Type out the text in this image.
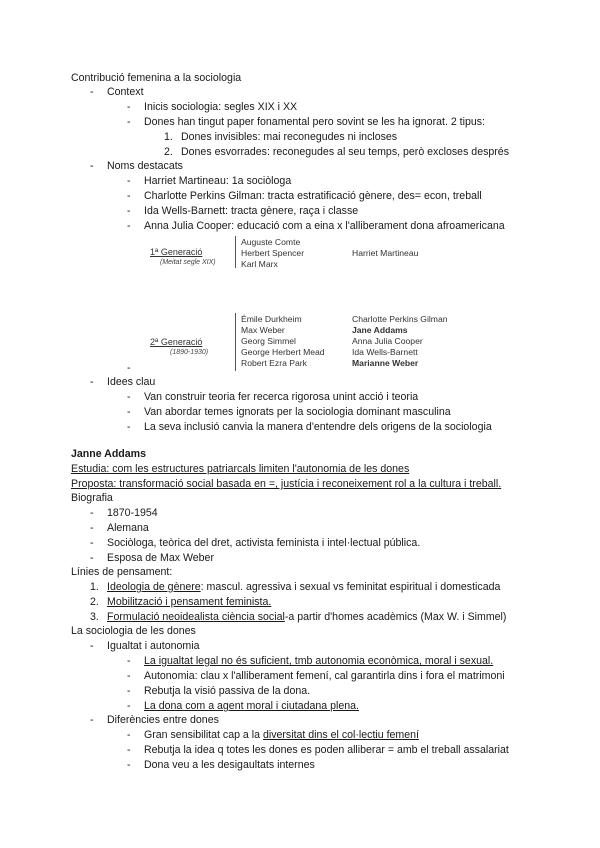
Contribució femenina a la sociologia
- Context
- Inicis sociologia: segles XIX i XX
- Dones han tingut paper fonamental pero sovint se les ha ignorat. 2 tipus:
1. Dones invisibles: mai reconegudes ni incloses
2. Dones esvorrades: reconegudes al seu temps, però excloses després
- Noms destacats
- Harriet Martineau: 1a sociòloga
- Charlotte Perkins Gilman: tracta estratificació gènere, des= econ, treball
- Ida Wells-Barnett: tracta gènere, raça i classe
- Anna Julia Cooper: educació com a eina x l'alliberament dona afroamericana
1ª Generació
(Meitat segle XIX)
Auguste Comte
Herbert Spencer
Karl Marx
Harriet Martineau
2ª Generació
(1890-1930)
Émile Durkheim
Max Weber
Georg Simmel
George Herbert Mead
Robert Ezra Park
Charlotte Perkins Gilman
Jane Addams
Anna Julia Cooper
Ida Wells-Barnett
Marianne Weber
-
- Idees clau
- Van construir teoria fer recerca rigorosa unint acció i teoria
- Van abordar temes ignorats per la sociologia dominant masculina
- La seva inclusió canvia la manera d'entendre dels origens de la sociologia
Janne Addams
Estudia: com les estructures patriarcals limiten l'autonomia de les dones
Proposta: transformació social basada en =, justícia i reconeixement rol a la cultura i treball.
Biografia
- 1870-1954
- Alemana
- Sociòloga, teòrica del dret, activista feminista i intel·lectual pública.
- Esposa de Max Weber
Línies de pensament:
1. Ideologia de gènere: mascul. agressiva i sexual vs feminitat espiritual i domesticada
2. Mobilització i pensament feminista.
3. Formulació neoidealista ciència social-a partir d'homes acadèmics (Max W. i Simmel)
La sociologia de les dones
- Igualtat i autonomia
- La igualtat legal no és suficient, tmb autonomia econòmica, moral i sexual.
- Autonomia: clau x l'alliberament femení, cal garantirla dins i fora el matrimoni
- Rebutja la visió passiva de la dona.
- La dona com a agent moral i ciutadana plena.
- Diferències entre dones
- Gran sensibilitat cap a la diversitat dins el col·lectiu femení
- Rebutja la idea q totes les dones es poden alliberar = amb el treball assalariat
- Dona veu a les desigaultats internes
